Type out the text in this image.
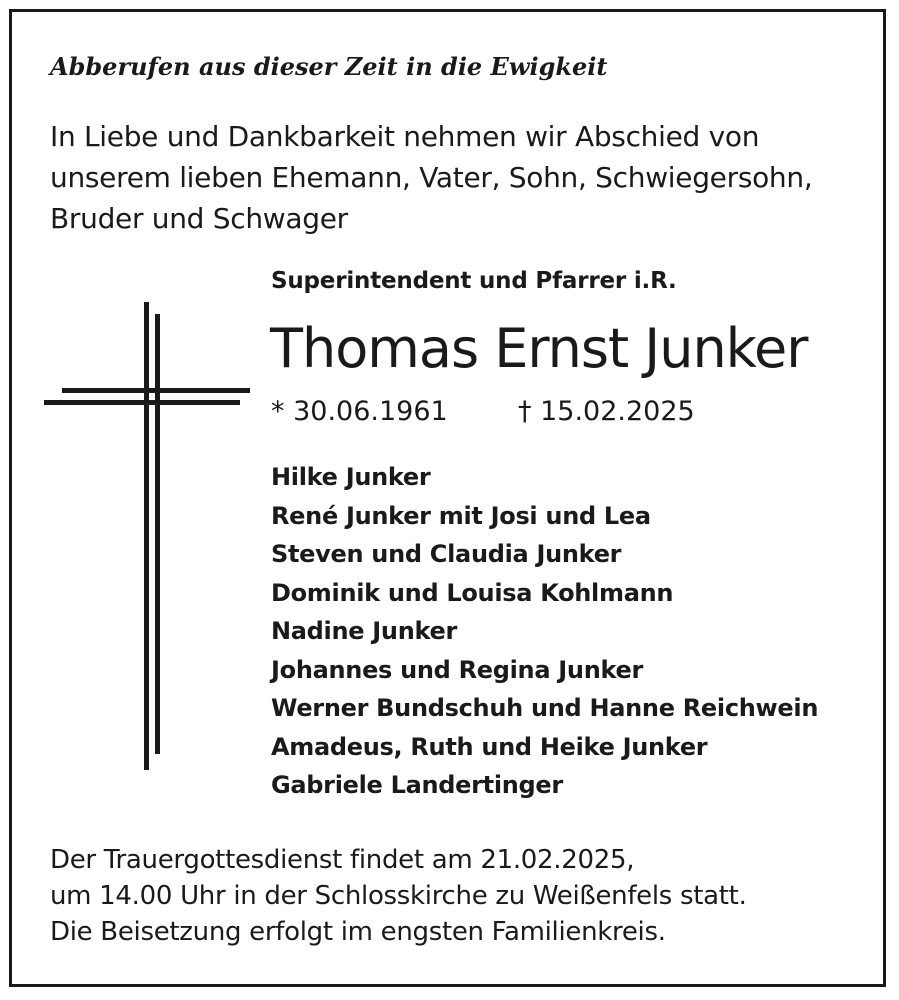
Abberufen aus dieser Zeit in die Ewigkeit
In Liebe und Dankbarkeit nehmen wir Abschied von
unserem lieben Ehemann, Vater, Sohn, Schwiegersohn,
Bruder und Schwager
Superintendent und Pfarrer i.R.
Thomas Ernst Junker
* 30.06.1961	† 15.02.2025
Hilke Junker
René Junker mit Josi und Lea
Steven und Claudia Junker
Dominik und Louisa Kohlmann
Nadine Junker
Johannes und Regina Junker
Werner Bundschuh und Hanne Reichwein
Amadeus, Ruth und Heike Junker
Gabriele Landertinger
Der Trauergottesdienst findet am 21.02.2025,
um 14.00 Uhr in der Schlosskirche zu Weißenfels statt.
Die Beisetzung erfolgt im engsten Familienkreis.
